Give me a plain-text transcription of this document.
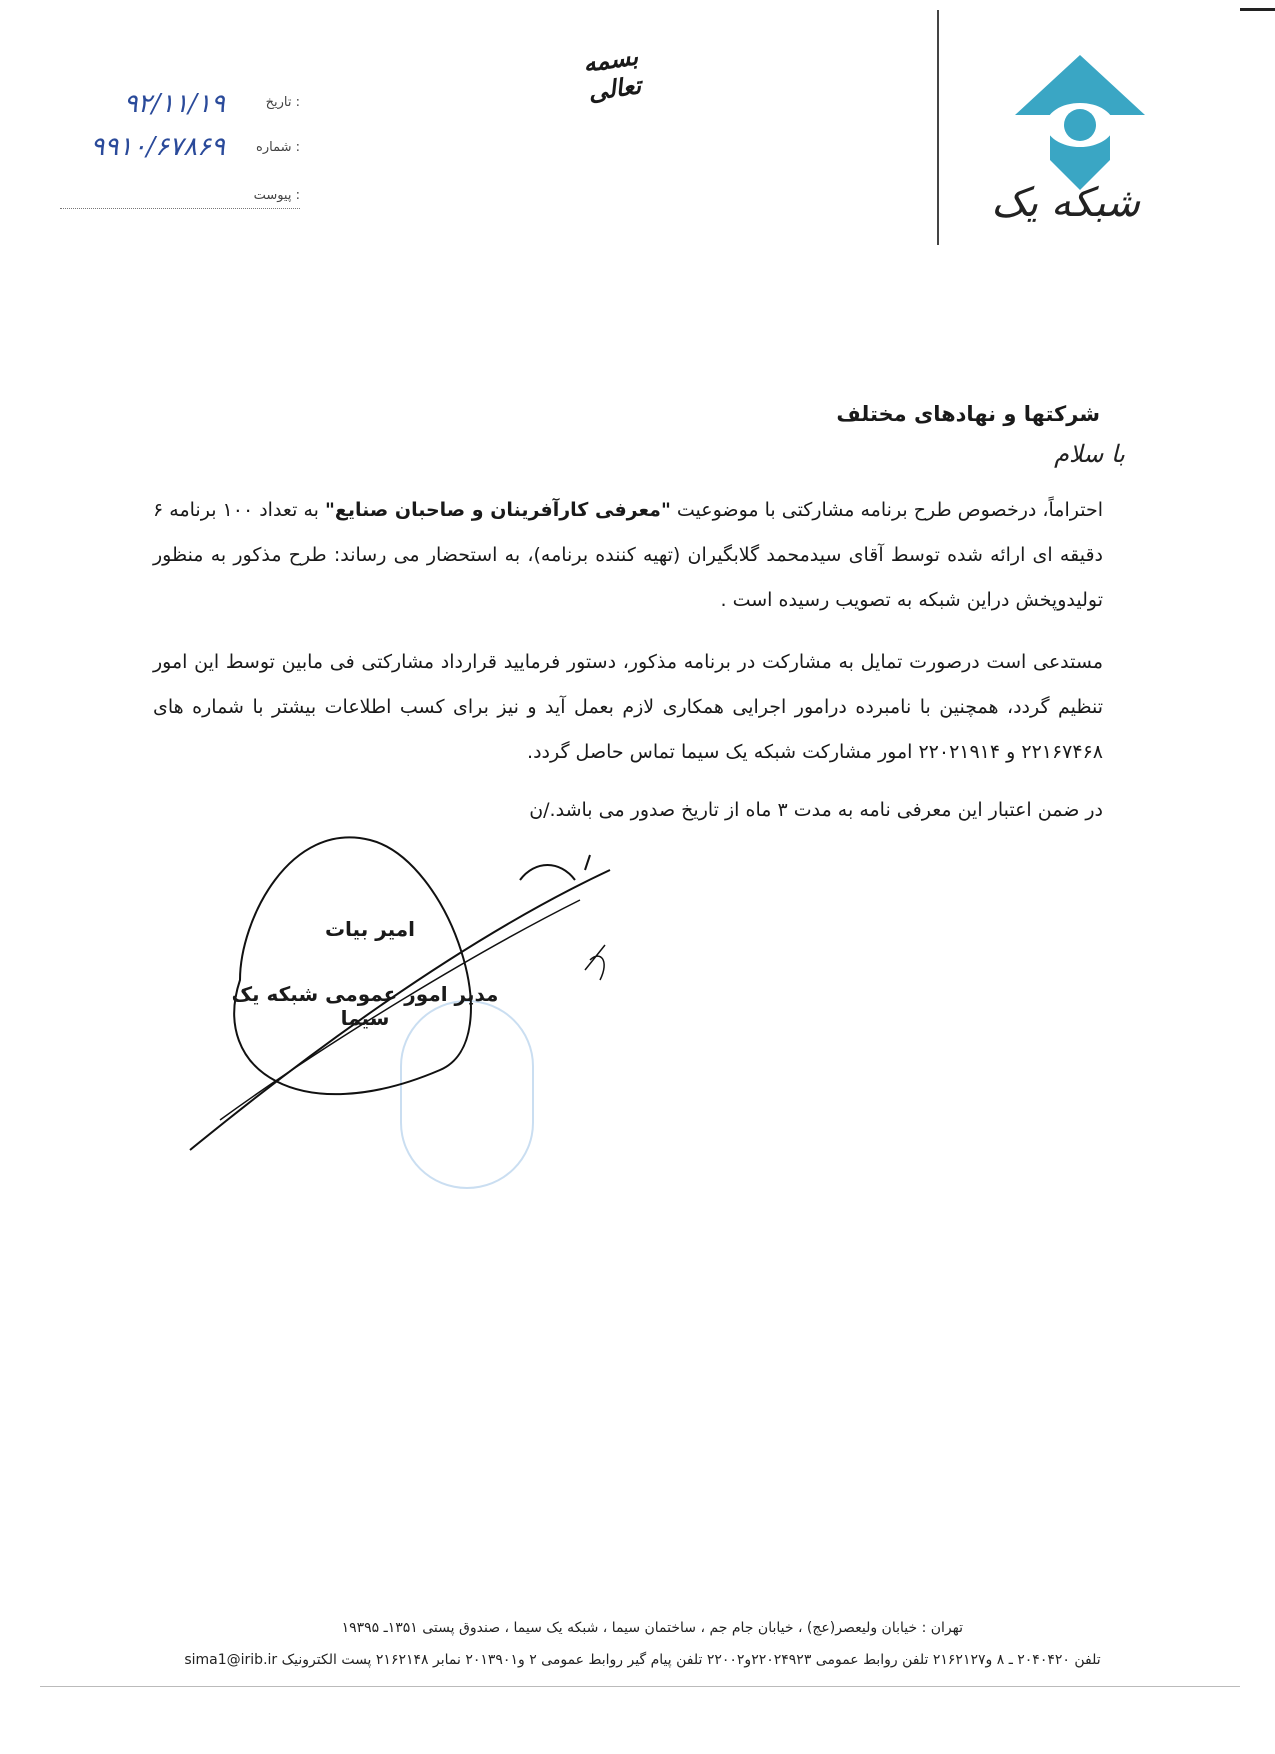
شبکه یک
بسمه تعالی
: تاریخ
۹۲/۱۱/۱۹
: شماره
۹۹۱۰/۶۷۸۶۹
: پیوست
شرکتها و نهادهای مختلف
با سلام
احتراماً، درخصوص طرح برنامه مشارکتی با موضوعیت "معرفی کارآفرینان و صاحبان صنایع" به تعداد ۱۰۰ برنامه ۶ دقیقه ای ارائه شده توسط آقای سیدمحمد گلابگیران (تهیه کننده برنامه)، به استحضار می رساند: طرح مذکور به منظور تولیدوپخش دراین شبکه به تصویب رسیده است .
مستدعی است درصورت تمایل به مشارکت در برنامه مذکور، دستور فرمایید قرارداد مشارکتی فی مابین توسط این امور تنظیم گردد، همچنین با نامبرده درامور اجرایی همکاری لازم بعمل آید و نیز برای کسب اطلاعات بیشتر با شماره های ۲۲۱۶۷۴۶۸ و ۲۲۰۲۱۹۱۴ امور مشارکت شبکه یک سیما تماس حاصل گردد.
در ضمن اعتبار این معرفی نامه به مدت ۳ ماه از تاریخ صدور می باشد./ن
امیر بیات
مدیر امور عمومی شبکه یک سیما
تهران : خیابان ولیعصر(عج) ، خیابان جام جم ، ساختمان سیما ، شبکه یک سیما ، صندوق پستی ۱۳۵۱ـ ۱۹۳۹۵
تلفن ۲۰۴۰۴۲۰ ـ ۸ و۲۱۶۲۱۲۷ تلفن روابط عمومی ۲۲۰۲۴۹۲۳و۲۲۰۰۲ تلفن پیام گیر روابط عمومی ۲ و۲۰۱۳۹۰۱ نمابر ۲۱۶۲۱۴۸ پست الکترونیک sima1@irib.ir
